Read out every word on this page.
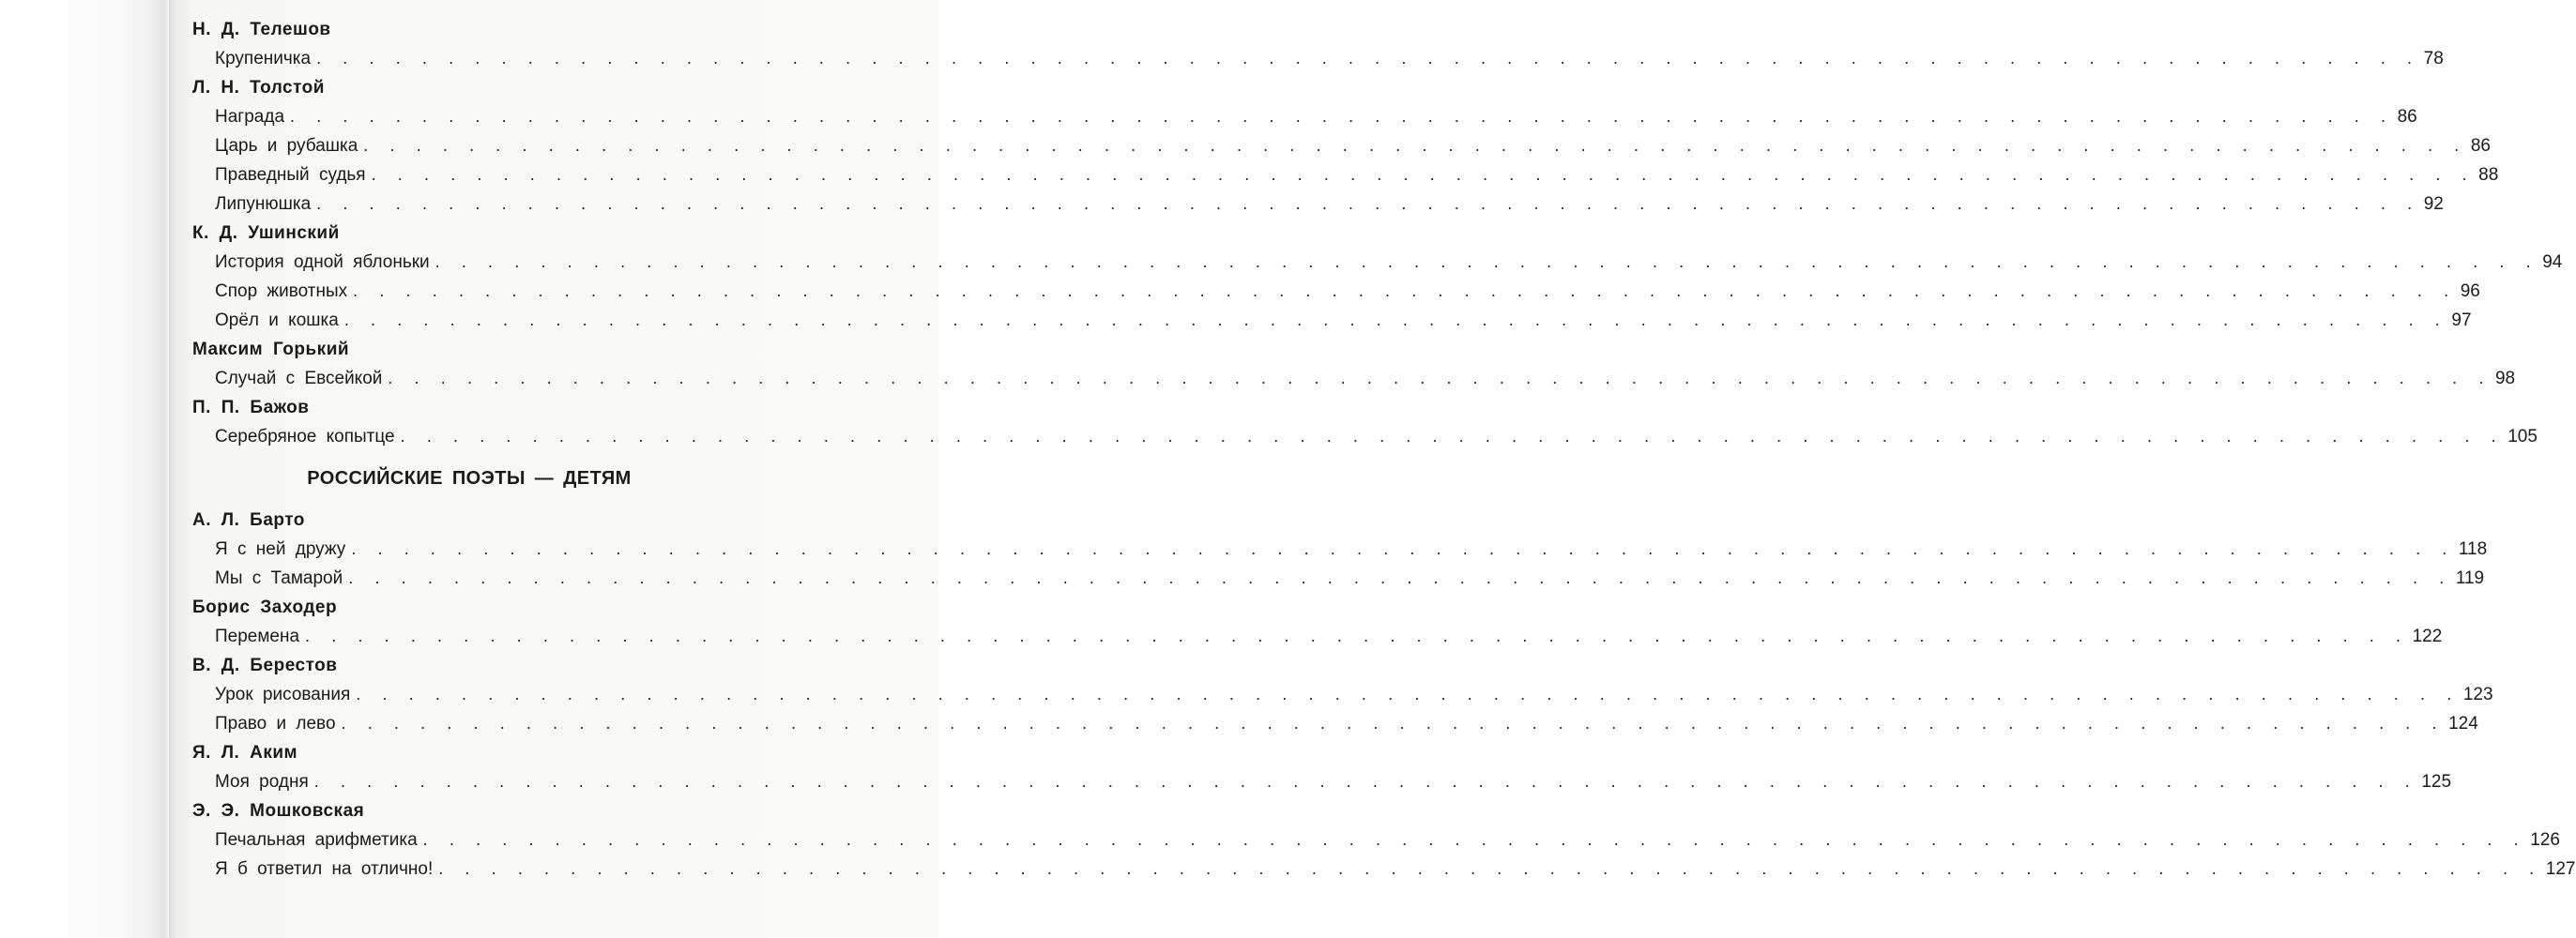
Н. Д. Телешов
Крупеничка . . . . . . . . . . . . . . . . . . . . . . . . . . . . . . . . . . . . . . . . . . . . . . . . . . . . . . . . . . . . . . . . . . . . . . . . . . . . . . . . 78
Л. Н. Толстой
Награда . . . . . . . . . . . . . . . . . . . . . . . . . . . . . . . . . . . . . . . . . . . . . . . . . . . . . . . . . . . . . . . . . . . . . . . . . . . . . . . . 86
Царь и рубашка . . . . . . . . . . . . . . . . . . . . . . . . . . . . . . . . . . . . . . . . . . . . . . . . . . . . . . . . . . . . . . . . . . . . . . . . . . . . . . . . 86
Праведный судья . . . . . . . . . . . . . . . . . . . . . . . . . . . . . . . . . . . . . . . . . . . . . . . . . . . . . . . . . . . . . . . . . . . . . . . . . . . . . . . . 88
Липунюшка . . . . . . . . . . . . . . . . . . . . . . . . . . . . . . . . . . . . . . . . . . . . . . . . . . . . . . . . . . . . . . . . . . . . . . . . . . . . . . . . 92
К. Д. Ушинский
История одной яблоньки . . . . . . . . . . . . . . . . . . . . . . . . . . . . . . . . . . . . . . . . . . . . . . . . . . . . . . . . . . . . . . . . . . . . . . . . . . . . . . . . 94
Спор животных . . . . . . . . . . . . . . . . . . . . . . . . . . . . . . . . . . . . . . . . . . . . . . . . . . . . . . . . . . . . . . . . . . . . . . . . . . . . . . . . 96
Орёл и кошка . . . . . . . . . . . . . . . . . . . . . . . . . . . . . . . . . . . . . . . . . . . . . . . . . . . . . . . . . . . . . . . . . . . . . . . . . . . . . . . . 97
Максим Горький
Случай с Евсейкой . . . . . . . . . . . . . . . . . . . . . . . . . . . . . . . . . . . . . . . . . . . . . . . . . . . . . . . . . . . . . . . . . . . . . . . . . . . . . . . . 98
П. П. Бажов
Серебряное копытце . . . . . . . . . . . . . . . . . . . . . . . . . . . . . . . . . . . . . . . . . . . . . . . . . . . . . . . . . . . . . . . . . . . . . . . . . . . . . . . . 105
РОССИЙСКИЕ ПОЭТЫ — ДЕТЯМ
А. Л. Барто
Я с ней дружу . . . . . . . . . . . . . . . . . . . . . . . . . . . . . . . . . . . . . . . . . . . . . . . . . . . . . . . . . . . . . . . . . . . . . . . . . . . . . . . . 118
Мы с Тамарой . . . . . . . . . . . . . . . . . . . . . . . . . . . . . . . . . . . . . . . . . . . . . . . . . . . . . . . . . . . . . . . . . . . . . . . . . . . . . . . . 119
Борис Заходер
Перемена . . . . . . . . . . . . . . . . . . . . . . . . . . . . . . . . . . . . . . . . . . . . . . . . . . . . . . . . . . . . . . . . . . . . . . . . . . . . . . . . 122
В. Д. Берестов
Урок рисования . . . . . . . . . . . . . . . . . . . . . . . . . . . . . . . . . . . . . . . . . . . . . . . . . . . . . . . . . . . . . . . . . . . . . . . . . . . . . . . . 123
Право и лево . . . . . . . . . . . . . . . . . . . . . . . . . . . . . . . . . . . . . . . . . . . . . . . . . . . . . . . . . . . . . . . . . . . . . . . . . . . . . . . . 124
Я. Л. Аким
Моя родня . . . . . . . . . . . . . . . . . . . . . . . . . . . . . . . . . . . . . . . . . . . . . . . . . . . . . . . . . . . . . . . . . . . . . . . . . . . . . . . . 125
Э. Э. Мошковская
Печальная арифметика . . . . . . . . . . . . . . . . . . . . . . . . . . . . . . . . . . . . . . . . . . . . . . . . . . . . . . . . . . . . . . . . . . . . . . . . . . . . . . . . 126
Я б ответил на отлично! . . . . . . . . . . . . . . . . . . . . . . . . . . . . . . . . . . . . . . . . . . . . . . . . . . . . . . . . . . . . . . . . . . . . . . . . . . . . . . . . 127
